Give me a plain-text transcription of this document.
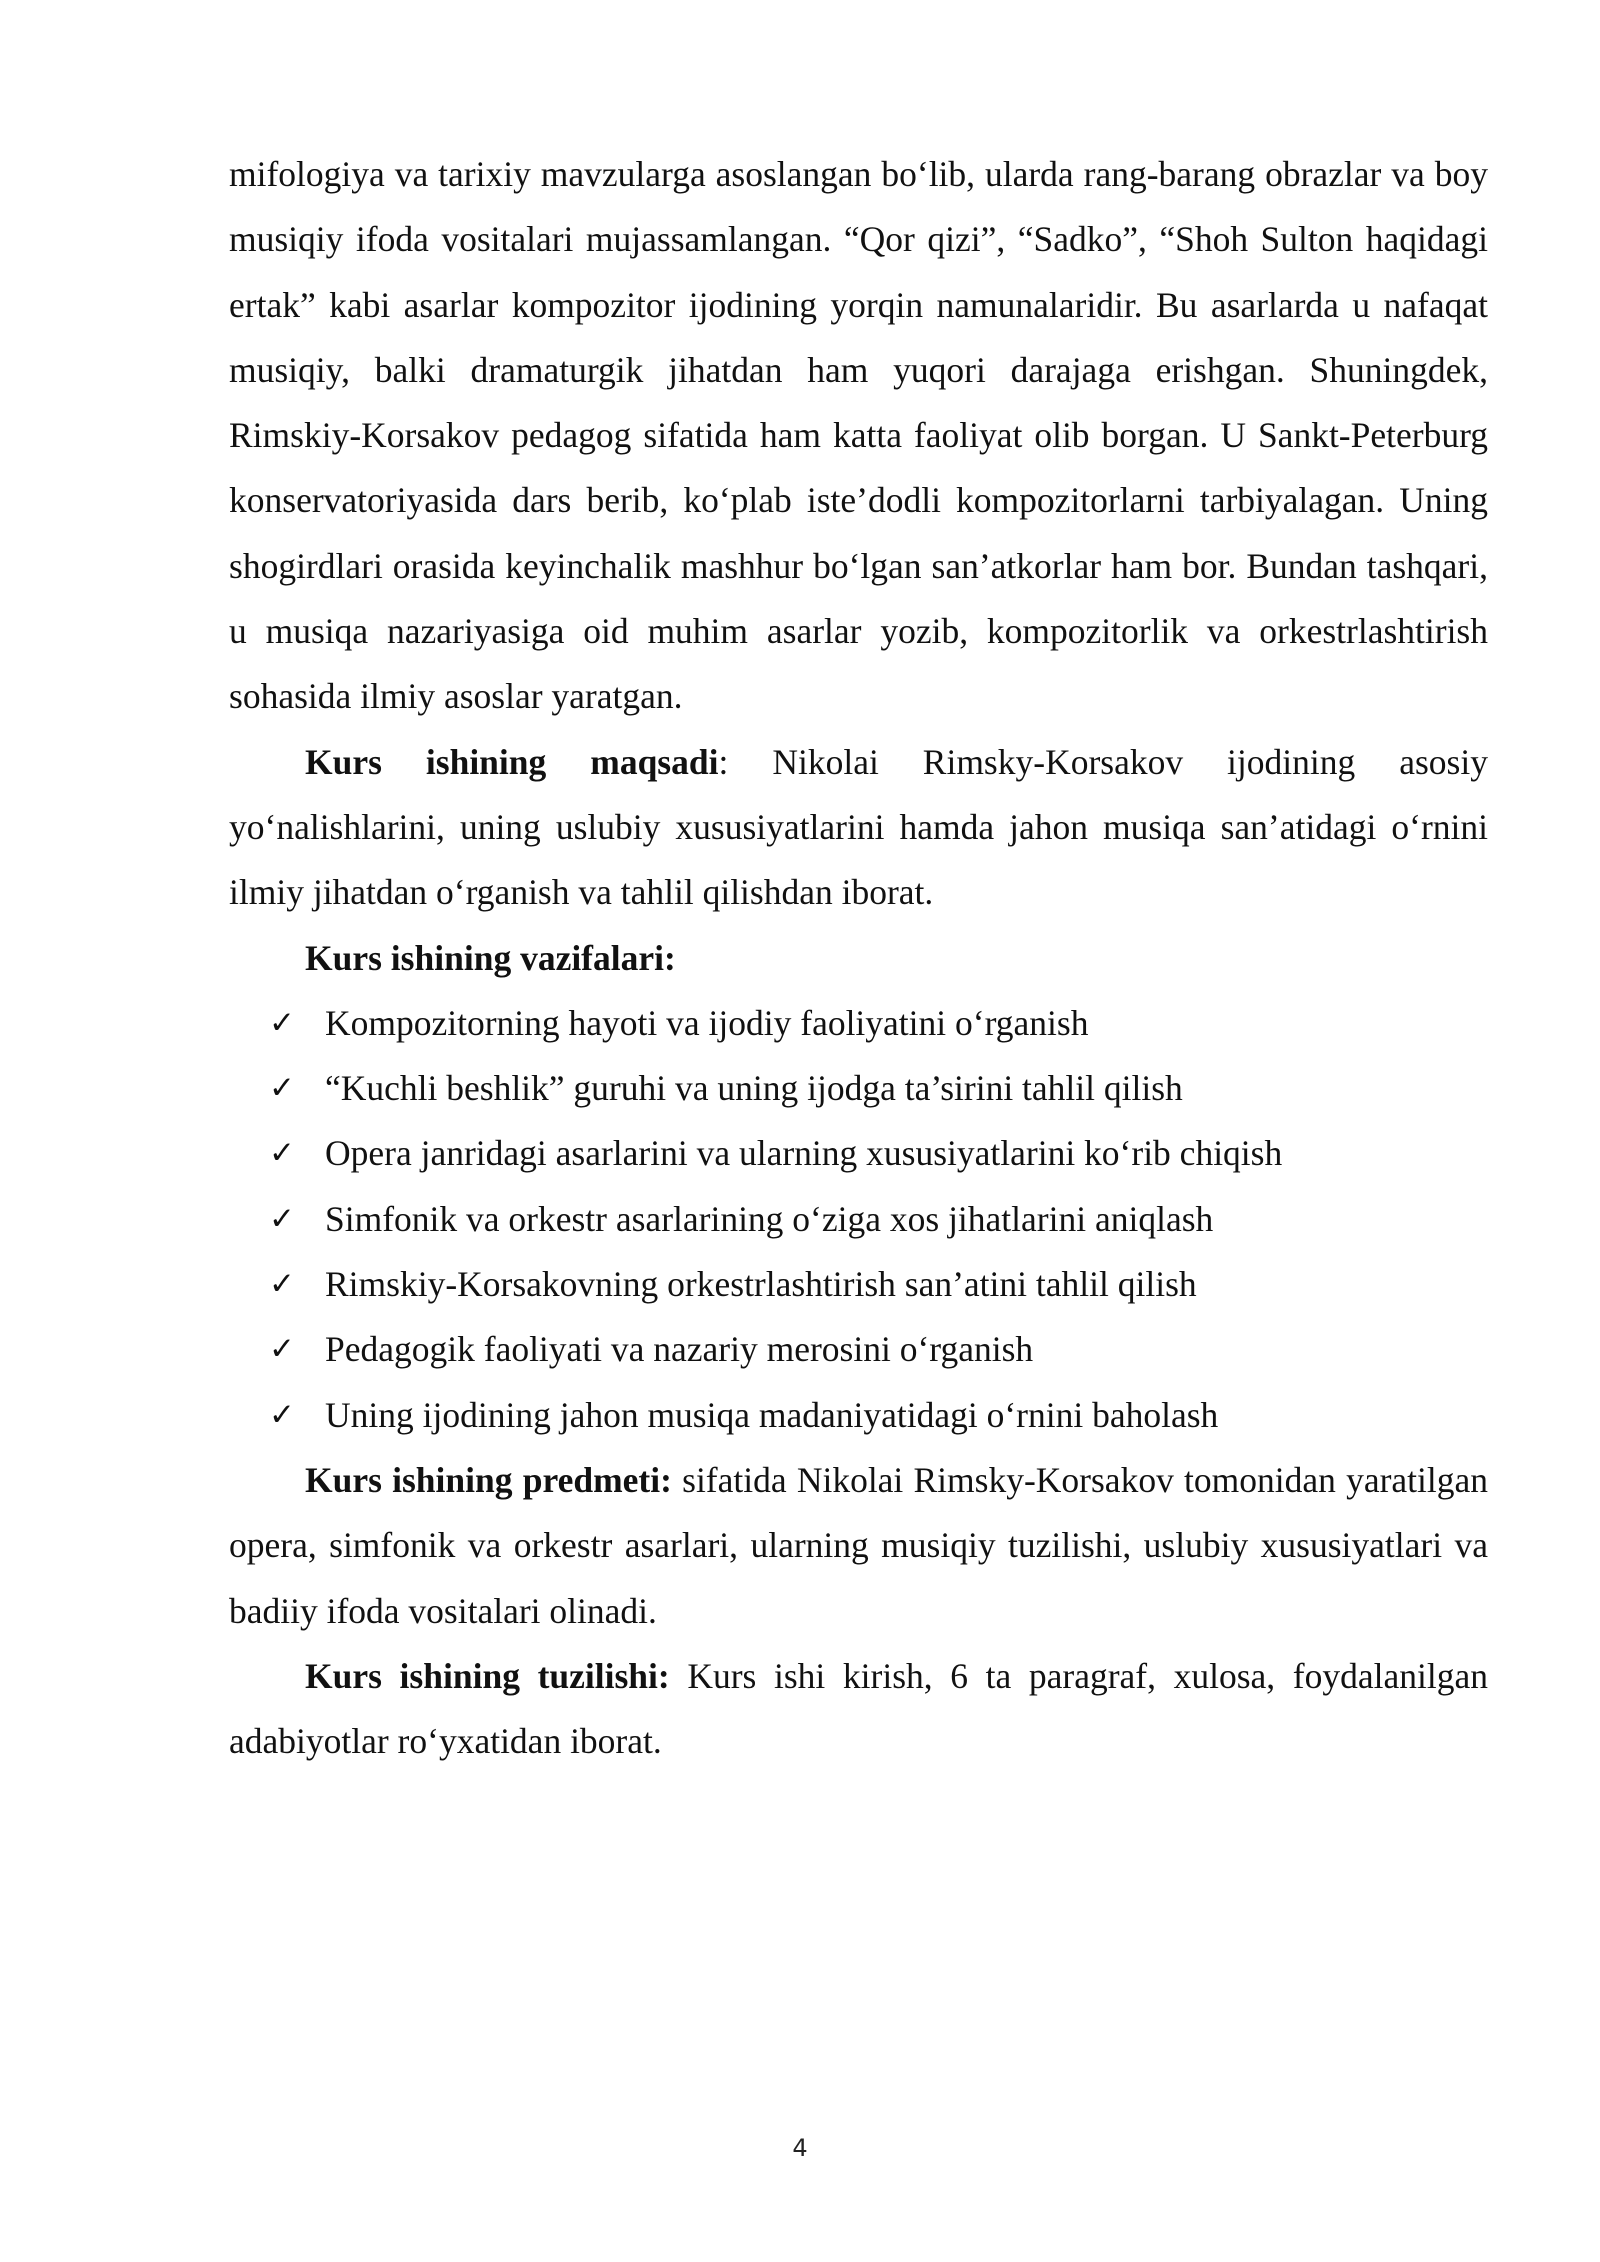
mifologiya va tarixiy mavzularga asoslangan bo‘lib, ularda rang-barang obrazlar va boy musiqiy ifoda vositalari mujassamlangan. “Qor qizi”, “Sadko”, “Shoh Sulton haqidagi ertak” kabi asarlar kompozitor ijodining yorqin namunalaridir. Bu asarlarda u nafaqat musiqiy, balki dramaturgik jihatdan ham yuqori darajaga erishgan. Shuningdek, Rimskiy-Korsakov pedagog sifatida ham katta faoliyat olib borgan. U Sankt-Peterburg konservatoriyasida dars berib, ko‘plab iste’dodli kompozitorlarni tarbiyalagan. Uning shogirdlari orasida keyinchalik mashhur bo‘lgan san’atkorlar ham bor. Bundan tashqari, u musiqa nazariyasiga oid muhim asarlar yozib, kompozitorlik va orkestrlashtirish sohasida ilmiy asoslar yaratgan.

Kurs ishining maqsadi: Nikolai Rimsky-Korsakov ijodining asosiy yo‘nalishlarini, uning uslubiy xususiyatlarini hamda jahon musiqa san’atidagi o‘rnini ilmiy jihatdan o‘rganish va tahlil qilishdan iborat.

Kurs ishining vazifalari:

✓ Kompozitorning hayoti va ijodiy faoliyatini o‘rganish
✓ “Kuchli beshlik” guruhi va uning ijodga ta’sirini tahlil qilish
✓ Opera janridagi asarlarini va ularning xususiyatlarini ko‘rib chiqish
✓ Simfonik va orkestr asarlarining o‘ziga xos jihatlarini aniqlash
✓ Rimskiy-Korsakovning orkestrlashtirish san’atini tahlil qilish
✓ Pedagogik faoliyati va nazariy merosini o‘rganish
✓ Uning ijodining jahon musiqa madaniyatidagi o‘rnini baholash

Kurs ishining predmeti: sifatida Nikolai Rimsky-Korsakov tomonidan yaratilgan opera, simfonik va orkestr asarlari, ularning musiqiy tuzilishi, uslubiy xususiyatlari va badiiy ifoda vositalari olinadi.

Kurs ishining tuzilishi: Kurs ishi kirish, 6 ta paragraf, xulosa, foydalanilgan adabiyotlar ro‘yxatidan iborat.

4
